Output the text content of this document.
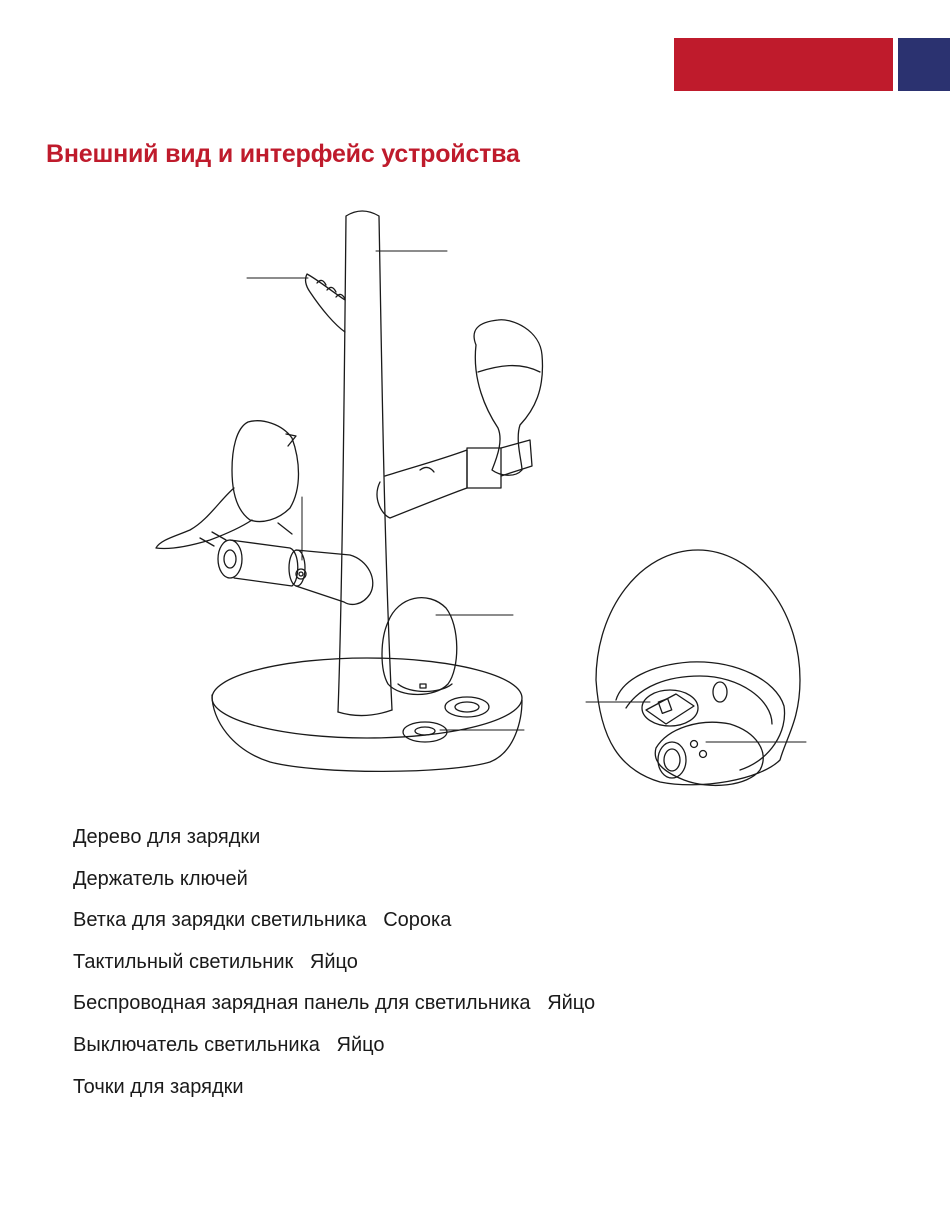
Внешний вид и интерфейс устройства
Дерево для зарядки
Держатель ключей
Ветка для зарядки светильника   Сорока
Тактильный светильник   Яйцо
Беспроводная зарядная панель для светильника   Яйцо
Выключатель светильника   Яйцо
Точки для зарядки
